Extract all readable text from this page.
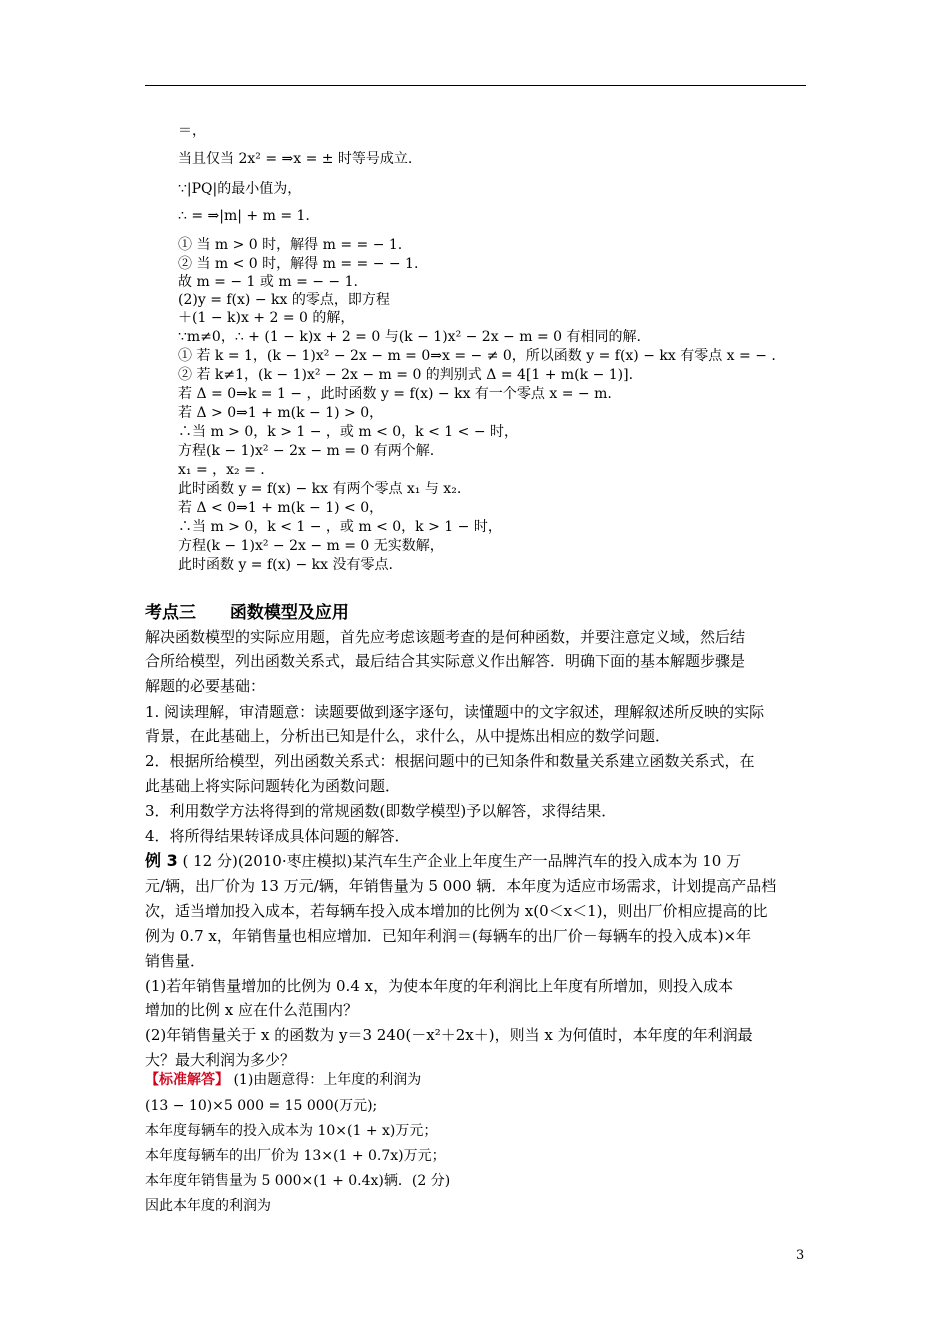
＝，
当且仅当 2x² = ⇒x = ± 时等号成立.
∵|PQ|的最小值为，
∴ = ⇒|m| + m = 1.
① 当 m > 0 时，解得 m = = − 1.
② 当 m < 0 时，解得 m = = − − 1.
故 m = − 1 或 m = − − 1.
(2)y = f(x) − kx 的零点，即方程
＋(1 − k)x + 2 = 0 的解，
∵m≠0，∴ + (1 − k)x + 2 = 0 与(k − 1)x² − 2x − m = 0 有相同的解.
① 若 k = 1，(k − 1)x² − 2x − m = 0⇒x = − ≠ 0，所以函数 y = f(x) − kx 有零点 x = − .
② 若 k≠1，(k − 1)x² − 2x − m = 0 的判别式 Δ = 4[1 + m(k − 1)].
若 Δ = 0⇒k = 1 − ，此时函数 y = f(x) − kx 有一个零点 x = − m.
若 Δ > 0⇒1 + m(k − 1) > 0，
∴当 m > 0，k > 1 − ，或 m < 0，k < 1 < − 时，
方程(k − 1)x² − 2x − m = 0 有两个解.
x₁ = ，x₂ = .
此时函数 y = f(x) − kx 有两个零点 x₁ 与 x₂.
若 Δ < 0⇒1 + m(k − 1) < 0，
∴当 m > 0，k < 1 − ，或 m < 0，k > 1 − 时，
方程(k − 1)x² − 2x − m = 0 无实数解，
此时函数 y = f(x) − kx 没有零点.
考点三 函数模型及应用
解决函数模型的实际应用题，首先应考虑该题考查的是何种函数，并要注意定义域，然后结
合所给模型，列出函数关系式，最后结合其实际意义作出解答．明确下面的基本解题步骤是
解题的必要基础：
1. 阅读理解，审清题意：读题要做到逐字逐句，读懂题中的文字叙述，理解叙述所反映的实际
背景，在此基础上，分析出已知是什么，求什么，从中提炼出相应的数学问题．
2．根据所给模型，列出函数关系式：根据问题中的已知条件和数量关系建立函数关系式，在
此基础上将实际问题转化为函数问题．
3．利用数学方法将得到的常规函数(即数学模型)予以解答，求得结果．
4．将所得结果转译成具体问题的解答．
例 3 ( 12 分)(2010·枣庄模拟)某汽车生产企业上年度生产一品牌汽车的投入成本为 10 万
元/辆，出厂价为 13 万元/辆，年销售量为 5 000 辆．本年度为适应市场需求，计划提高产品档
次，适当增加投入成本，若每辆车投入成本增加的比例为 x(0＜x＜1)，则出厂价相应提高的比
例为 0.7 x，年销售量也相应增加．已知年利润＝(每辆车的出厂价－每辆车的投入成本)×年
销售量．
(1)若年销售量增加的比例为 0.4 x，为使本年度的年利润比上年度有所增加，则投入成本
增加的比例 x 应在什么范围内？
(2)年销售量关于 x 的函数为 y＝3 240(－x²＋2x＋)，则当 x 为何值时，本年度的年利润最
大？最大利润为多少？
【标准解答】 (1)由题意得：上年度的利润为
(13 − 10)×5 000 = 15 000(万元);
本年度每辆车的投入成本为 10×(1 + x)万元；
本年度每辆车的出厂价为 13×(1 + 0.7x)万元；
本年度年销售量为 5 000×(1 + 0.4x)辆．(2 分)
因此本年度的利润为
3
